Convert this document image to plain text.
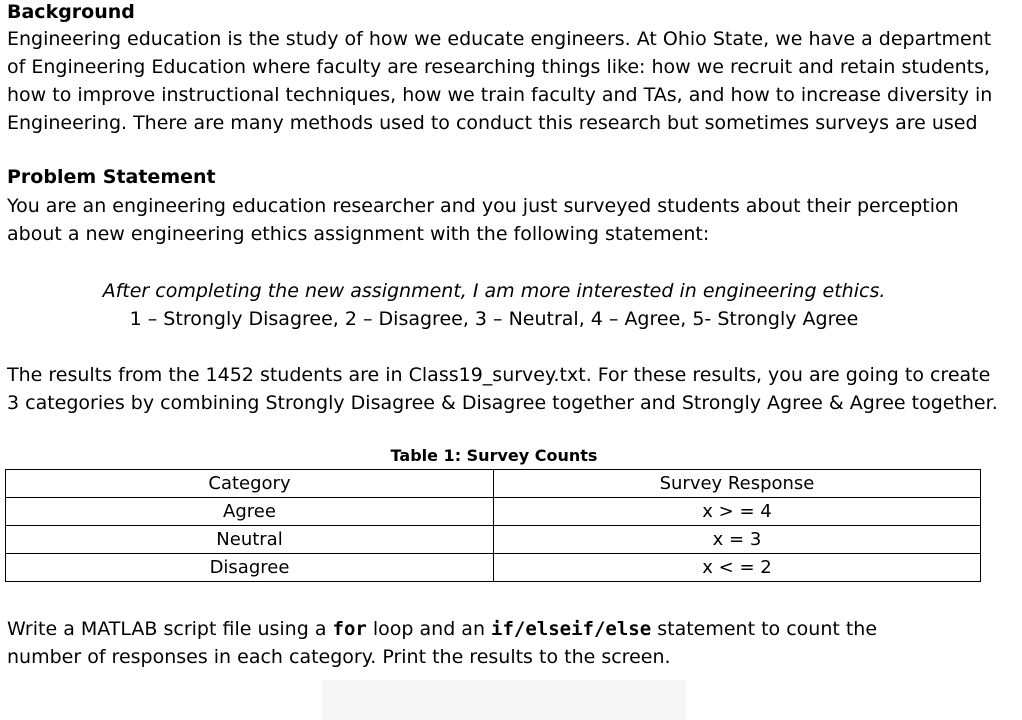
Background

Engineering education is the study of how we educate engineers. At Ohio State, we have a department

of Engineering Education where faculty are researching things like: how we recruit and retain students,

how to improve instructional techniques, how we train faculty and TAs, and how to increase diversity in

Engineering. There are many methods used to conduct this research but sometimes surveys are used

Problem Statement

You are an engineering education researcher and you just surveyed students about their perception

about a new engineering ethics assignment with the following statement:

After completing the new assignment, I am more interested in engineering ethics.

1 – Strongly Disagree, 2 – Disagree, 3 – Neutral, 4 – Agree, 5- Strongly Agree

The results from the 1452 students are in Class19_survey.txt. For these results, you are going to create

3 categories by combining Strongly Disagree & Disagree together and Strongly Agree & Agree together.

Table 1: Survey Counts
Category	Survey Response
Agree	x > = 4
Neutral	x = 3
Disagree	x < = 2

Write a MATLAB script file using a for loop and an if/elseif/else statement to count the

number of responses in each category. Print the results to the screen.
